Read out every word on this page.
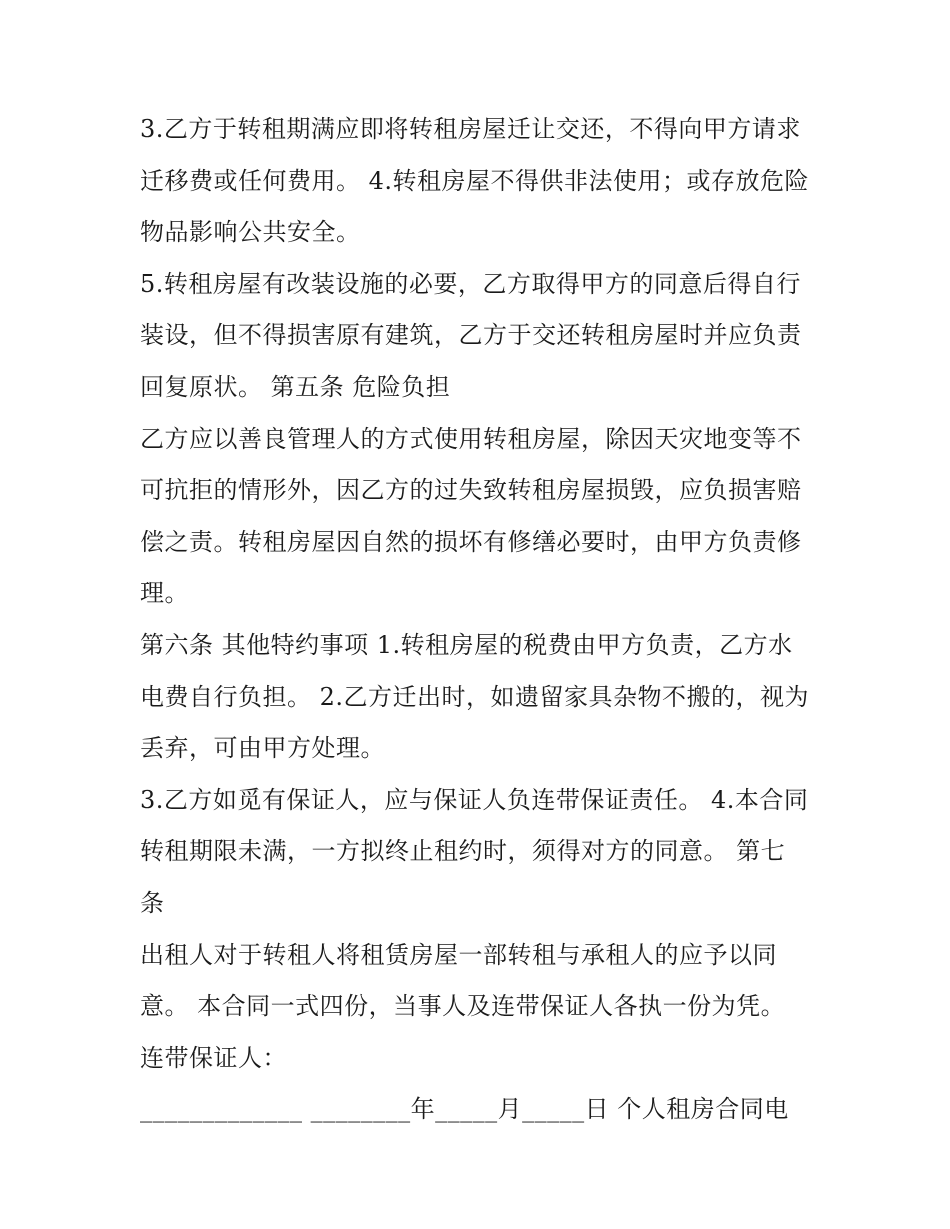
3.乙方于转租期满应即将转租房屋迁让交还，不得向甲方请求
迁移费或任何费用。 4.转租房屋不得供非法使用；或存放危险
物品影响公共安全。
5.转租房屋有改装设施的必要，乙方取得甲方的同意后得自行
装设，但不得损害原有建筑，乙方于交还转租房屋时并应负责
回复原状。 第五条 危险负担
乙方应以善良管理人的方式使用转租房屋，除因天灾地变等不
可抗拒的情形外，因乙方的过失致转租房屋损毁，应负损害赔
偿之责。转租房屋因自然的损坏有修缮必要时，由甲方负责修
理。
第六条 其他特约事项 1.转租房屋的税费由甲方负责，乙方水
电费自行负担。 2.乙方迁出时，如遗留家具杂物不搬的，视为
丢弃，可由甲方处理。
3.乙方如觅有保证人，应与保证人负连带保证责任。 4.本合同
转租期限未满，一方拟终止租约时，须得对方的同意。 第七
条
出租人对于转租人将租赁房屋一部转租与承租人的应予以同
意。 本合同一式四份，当事人及连带保证人各执一份为凭。
连带保证人：
_____________ ________年_____月_____日 个人租房合同电
